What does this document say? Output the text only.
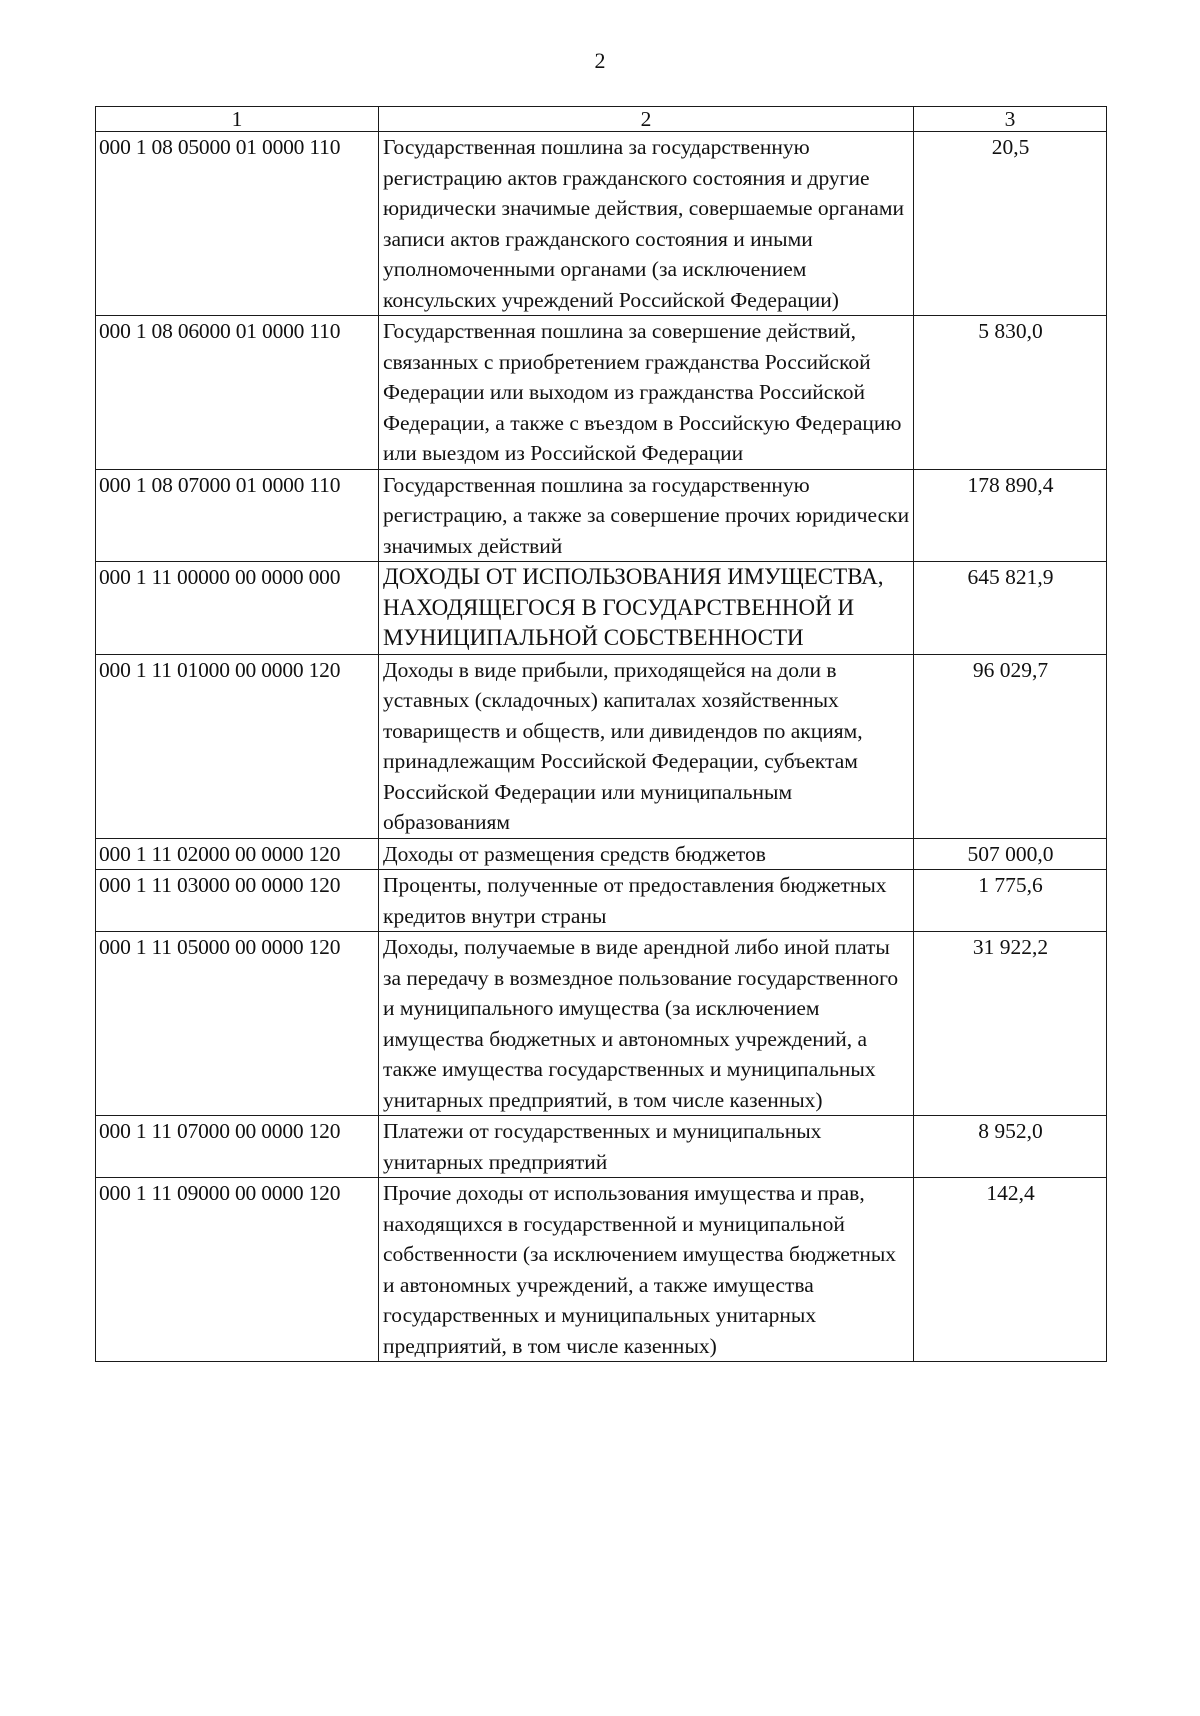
2
1	2	3
000 1 08 05000 01 0000 110	Государственная пошлина за государственную регистрацию актов гражданского состояния и другие юридически значимые действия, совершаемые органами записи актов гражданского состояния и иными уполномоченными органами (за исключением консульских учреждений Российской Федерации)	20,5
000 1 08 06000 01 0000 110	Государственная пошлина за совершение действий, связанных с приобретением гражданства Российской Федерации или выходом из гражданства Российской Федерации, а также с въездом в Российскую Федерацию или выездом из Российской Федерации	5 830,0
000 1 08 07000 01 0000 110	Государственная пошлина за государственную регистрацию, а также за совершение прочих юридически значимых действий	178 890,4
000 1 11 00000 00 0000 000	ДОХОДЫ ОТ ИСПОЛЬЗОВАНИЯ ИМУЩЕСТВА, НАХОДЯЩЕГОСЯ В ГОСУДАРСТВЕННОЙ И МУНИЦИПАЛЬНОЙ СОБСТВЕННОСТИ	645 821,9
000 1 11 01000 00 0000 120	Доходы в виде прибыли, приходящейся на доли в уставных (складочных) капиталах хозяйственных товариществ и обществ, или дивидендов по акциям, принадлежащим Российской Федерации, субъектам Российской Федерации или муниципальным образованиям	96 029,7
000 1 11 02000 00 0000 120	Доходы от размещения средств бюджетов	507 000,0
000 1 11 03000 00 0000 120	Проценты, полученные от предоставления бюджетных кредитов внутри страны	1 775,6
000 1 11 05000 00 0000 120	Доходы, получаемые в виде арендной либо иной платы за передачу в возмездное пользование государственного и муниципального имущества (за исключением имущества бюджетных и автономных учреждений, а также имущества государственных и муниципальных унитарных предприятий, в том числе казенных)	31 922,2
000 1 11 07000 00 0000 120	Платежи от государственных и муниципальных унитарных предприятий	8 952,0
000 1 11 09000 00 0000 120	Прочие доходы от использования имущества и прав, находящихся в государственной и муниципальной собственности (за исключением имущества бюджетных и автономных учреждений, а также имущества государственных и муниципальных унитарных предприятий, в том числе казенных)	142,4
